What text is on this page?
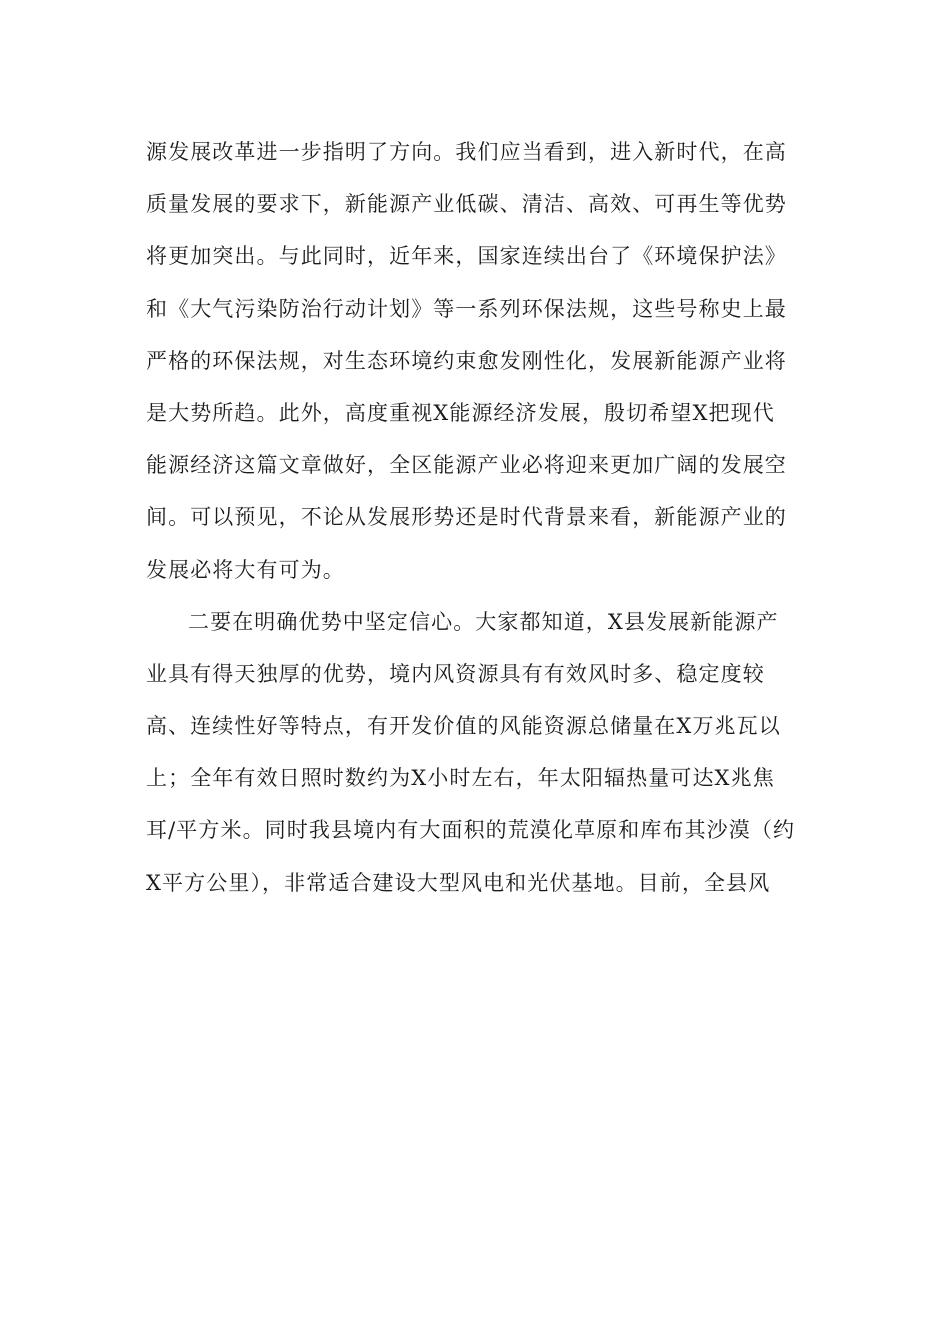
源发展改革进一步指明了方向。我们应当看到，进入新时代，在高
质量发展的要求下，新能源产业低碳、清洁、高效、可再生等优势
将更加突出。与此同时，近年来，国家连续出台了《环境保护法》
和《大气污染防治行动计划》等一系列环保法规，这些号称史上最
严格的环保法规，对生态环境约束愈发刚性化，发展新能源产业将
是大势所趋。此外，高度重视X能源经济发展，殷切希望X把现代
能源经济这篇文章做好，全区能源产业必将迎来更加广阔的发展空
间。可以预见，不论从发展形势还是时代背景来看，新能源产业的
发展必将大有可为。
二要在明确优势中坚定信心。大家都知道，X县发展新能源产
业具有得天独厚的优势，境内风资源具有有效风时多、稳定度较
高、连续性好等特点，有开发价值的风能资源总储量在X万兆瓦以
上；全年有效日照时数约为X小时左右，年太阳辐热量可达X兆焦
耳/平方米。同时我县境内有大面积的荒漠化草原和库布其沙漠（约
X平方公里），非常适合建设大型风电和光伏基地。目前，全县风
